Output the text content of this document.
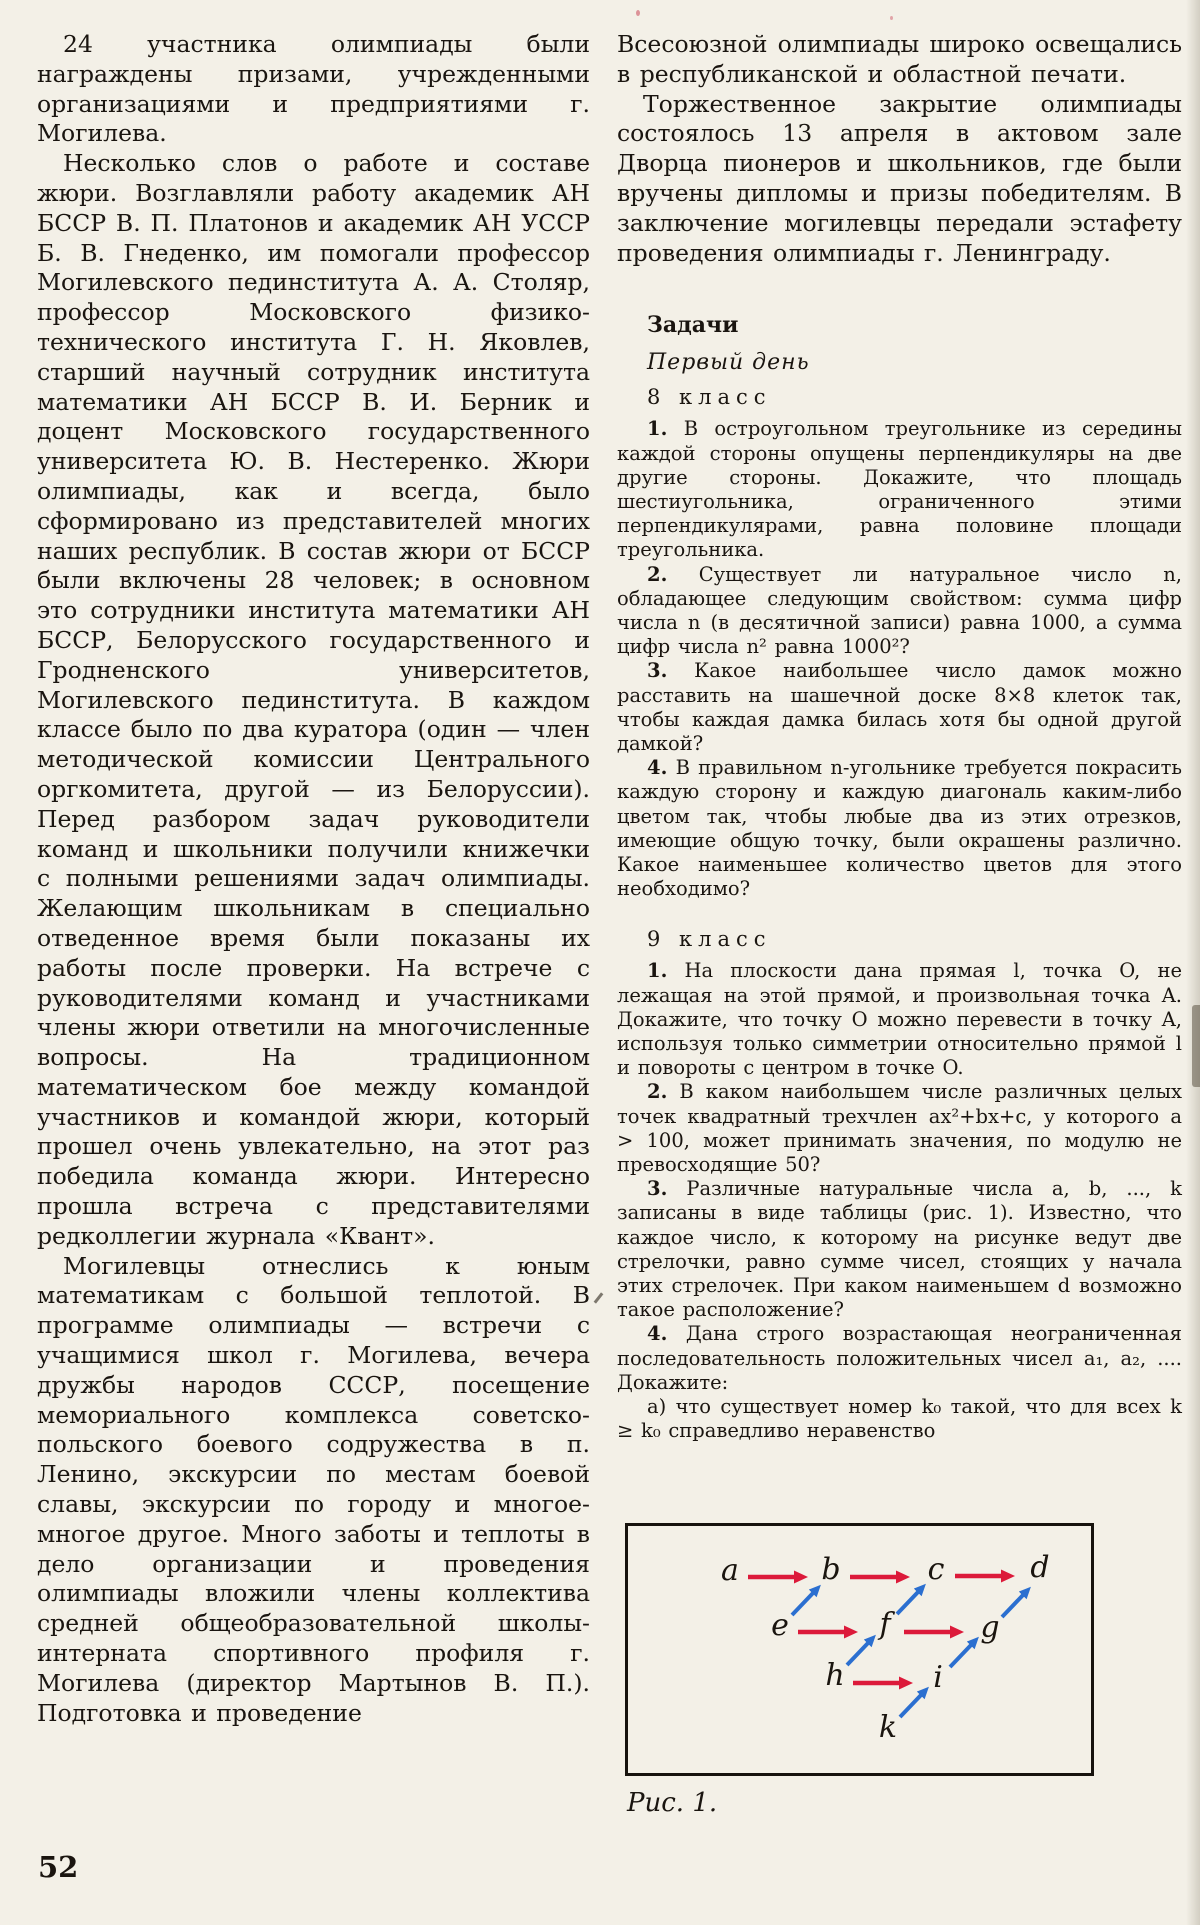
24 участника олимпиады были награждены призами, учрежденными организациями и предприятиями г. Могилева.

Несколько слов о работе и составе жюри. Возглавляли работу академик АН БССР В. П. Платонов и академик АН УССР Б. В. Гнеденко, им помогали профессор Могилевского пединститута А. А. Столяр, профессор Московского физико-технического института Г. Н. Яковлев, старший научный сотрудник института математики АН БССР В. И. Берник и доцент Московского государственного университета Ю. В. Нестеренко. Жюри олимпиады, как и всегда, было сформировано из представителей многих наших республик. В состав жюри от БССР были включены 28 человек; в основном это сотрудники института математики АН БССР, Белорусского государственного и Гродненского университетов, Могилевского пединститута. В каждом классе было по два куратора (один — член методической комиссии Центрального оргкомитета, другой — из Белоруссии). Перед разбором задач руководители команд и школьники получили книжечки с полными решениями задач олимпиады. Желающим школьникам в специально отведенное время были показаны их работы после проверки. На встрече с руководителями команд и участниками члены жюри ответили на многочисленные вопросы. На традиционном математическом бое между командой участников и командой жюри, который прошел очень увлекательно, на этот раз победила команда жюри. Интересно прошла встреча с представителями редколлегии журнала «Квант».

Могилевцы отнеслись к юным математикам с большой теплотой. В программе олимпиады — встречи с учащимися школ г. Могилева, вечера дружбы народов СССР, посещение мемориального комплекса советско-польского боевого содружества в п. Ленино, экскурсии по местам боевой славы, экскурсии по городу и многое-многое другое. Много заботы и теплоты в дело организации и проведения олимпиады вложили члены коллектива средней общеобразовательной школы-интерната спортивного профиля г. Могилева (директор Мартынов В. П.). Подготовка и проведение

Всесоюзной олимпиады широко освещались в республиканской и областной печати.

Торжественное закрытие олимпиады состоялось 13 апреля в актовом зале Дворца пионеров и школьников, где были вручены дипломы и призы победителям. В заключение могилевцы передали эстафету проведения олимпиады г. Ленинграду.

Задачи

Первый день

8 класс

1. В остроугольном треугольнике из середины каждой стороны опущены перпендикуляры на две другие стороны. Докажите, что площадь шестиугольника, ограниченного этими перпендикулярами, равна половине площади треугольника.

2. Существует ли натуральное число n, обладающее следующим свойством: сумма цифр числа n (в десятичной записи) равна 1000, а сумма цифр числа n² равна 1000²?

3. Какое наибольшее число дамок можно расставить на шашечной доске 8×8 клеток так, чтобы каждая дамка билась хотя бы одной другой дамкой?

4. В правильном n-угольнике требуется покрасить каждую сторону и каждую диагональ каким-либо цветом так, чтобы любые два из этих отрезков, имеющие общую точку, были окрашены различно. Какое наименьшее количество цветов для этого необходимо?

9 класс

1. На плоскости дана прямая l, точка O, не лежащая на этой прямой, и произвольная точка A. Докажите, что точку O можно перевести в точку A, используя только симметрии относительно прямой l и повороты с центром в точке O.

2. В каком наибольшем числе различных целых точек квадратный трехчлен ax²+bx+c, у которого a > 100, может принимать значения, по модулю не превосходящие 50?

3. Различные натуральные числа a, b, ..., k записаны в виде таблицы (рис. 1). Известно, что каждое число, к которому на рисунке ведут две стрелочки, равно сумме чисел, стоящих у начала этих стрелочек. При каком наименьшем d возможно такое расположение?

4. Дана строго возрастающая неограниченная последовательность положительных чисел a₁, a₂, .... Докажите:

а) что существует номер k₀ такой, что для всех k ≥ k₀ справедливо неравенство

a	b	c	d
e	f	g
h	i
k
Рис. 1.
52
